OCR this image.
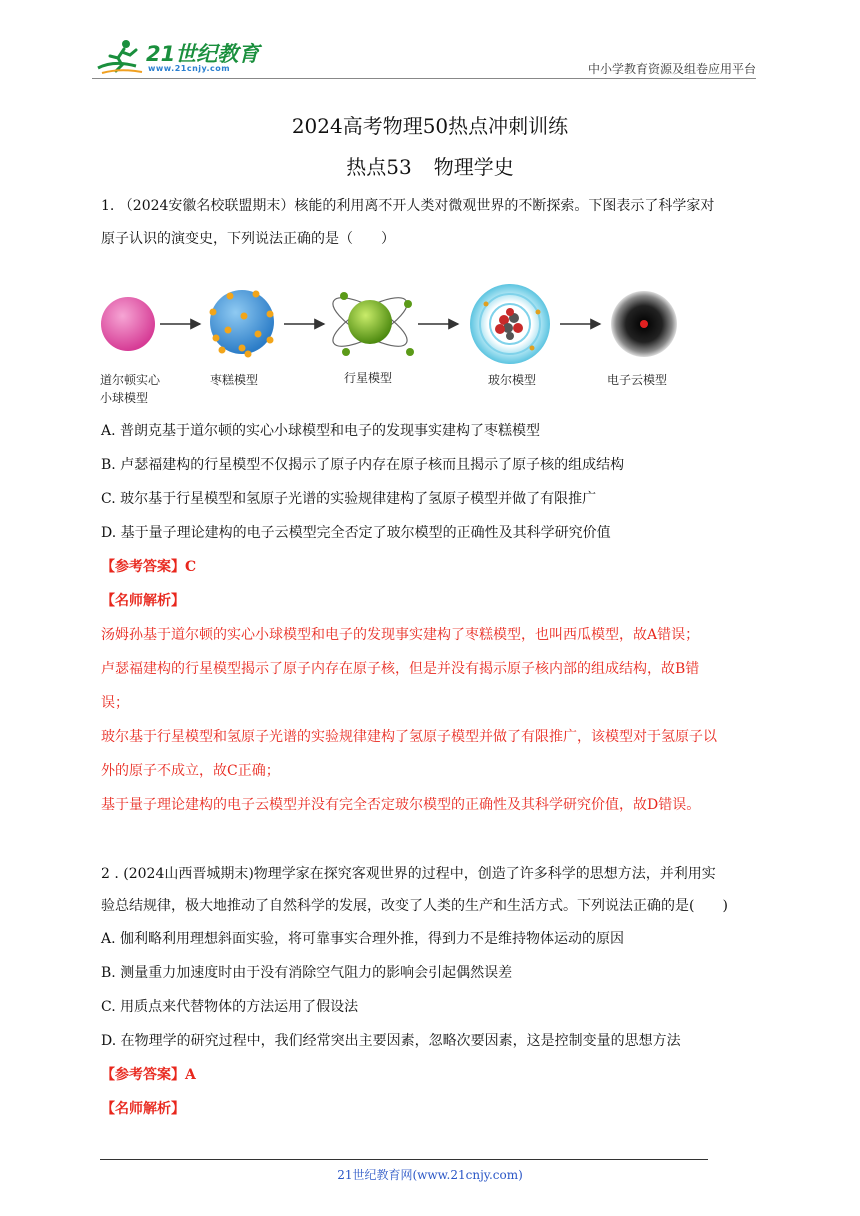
21世纪教育
www.21cnjy.com	中小学教育资源及组卷应用平台
2024高考物理50热点冲刺训练
热点53 物理学史
1. （2024安徽名校联盟期末）核能的利用离不开人类对微观世界的不断探索。下图表示了科学家对
原子认识的演变史，下列说法正确的是（　　）
道尔顿实心
小球模型
枣糕模型	行星模型	玻尔模型	电子云模型
A. 普朗克基于道尔顿的实心小球模型和电子的发现事实建构了枣糕模型
B. 卢瑟福建构的行星模型不仅揭示了原子内存在原子核而且揭示了原子核的组成结构
C. 玻尔基于行星模型和氢原子光谱的实验规律建构了氢原子模型并做了有限推广
D. 基于量子理论建构的电子云模型完全否定了玻尔模型的正确性及其科学研究价值
【参考答案】C
【名师解析】
汤姆孙基于道尔顿的实心小球模型和电子的发现事实建构了枣糕模型，也叫西瓜模型，故A错误；
卢瑟福建构的行星模型揭示了原子内存在原子核，但是并没有揭示原子核内部的组成结构，故B错
误；
玻尔基于行星模型和氢原子光谱的实验规律建构了氢原子模型并做了有限推广，该模型对于氢原子以
外的原子不成立，故C正确；
基于量子理论建构的电子云模型并没有完全否定玻尔模型的正确性及其科学研究价值，故D错误。
2 . (2024山西晋城期末)物理学家在探究客观世界的过程中，创造了许多科学的思想方法，并利用实
验总结规律，极大地推动了自然科学的发展，改变了人类的生产和生活方式。下列说法正确的是(　　)
A. 伽利略利用理想斜面实验，将可靠事实合理外推，得到力不是维持物体运动的原因
B. 测量重力加速度时由于没有消除空气阻力的影响会引起偶然误差
C. 用质点来代替物体的方法运用了假设法
D. 在物理学的研究过程中，我们经常突出主要因素，忽略次要因素，这是控制变量的思想方法
【参考答案】A
【名师解析】
21世纪教育网(www.21cnjy.com)
